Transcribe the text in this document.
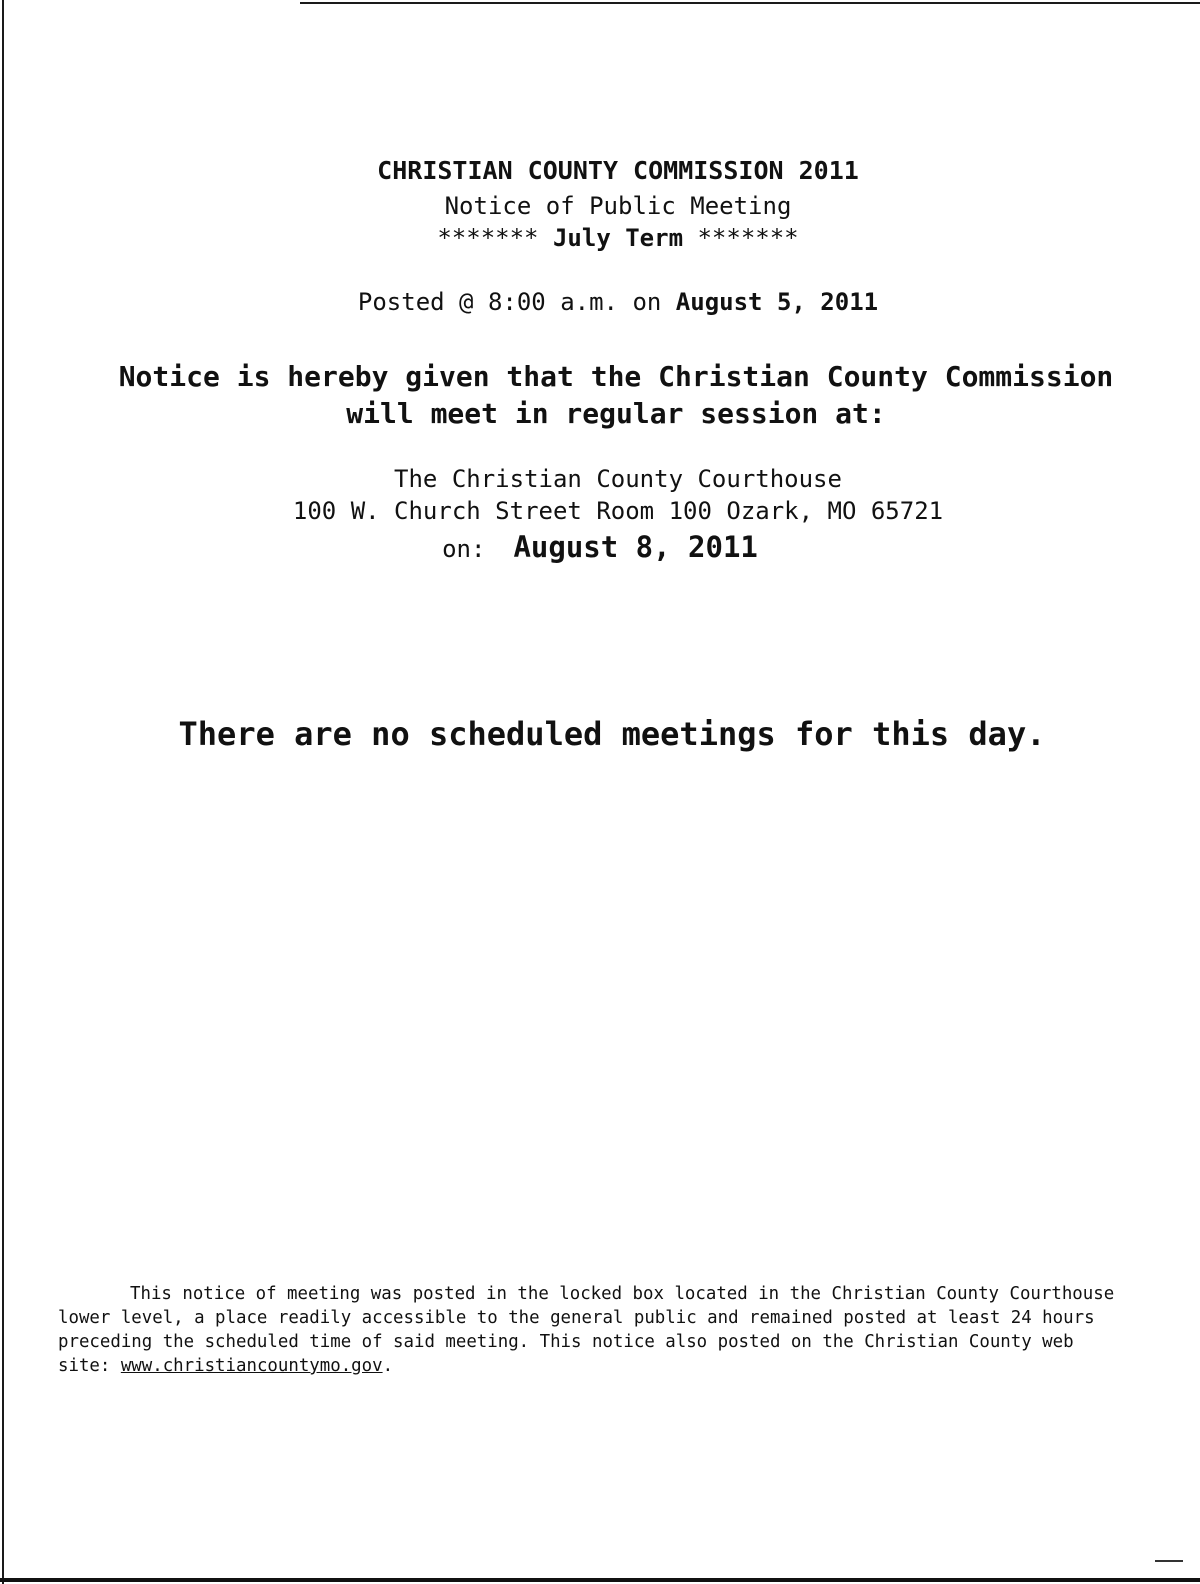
CHRISTIAN COUNTY COMMISSION 2011
Notice of Public Meeting
******* July Term *******
Posted @ 8:00 a.m. on August 5, 2011
Notice is hereby given that the Christian County Commission
will meet in regular session at:
The Christian County Courthouse
100 W. Church Street Room 100 Ozark, MO 65721
on: August 8, 2011
There are no scheduled meetings for this day.
This notice of meeting was posted in the locked box located in the Christian County Courthouse
lower level, a place readily accessible to the general public and remained posted at least 24 hours
preceding the scheduled time of said meeting. This notice also posted on the Christian County web
site: www.christiancountymo.gov.
